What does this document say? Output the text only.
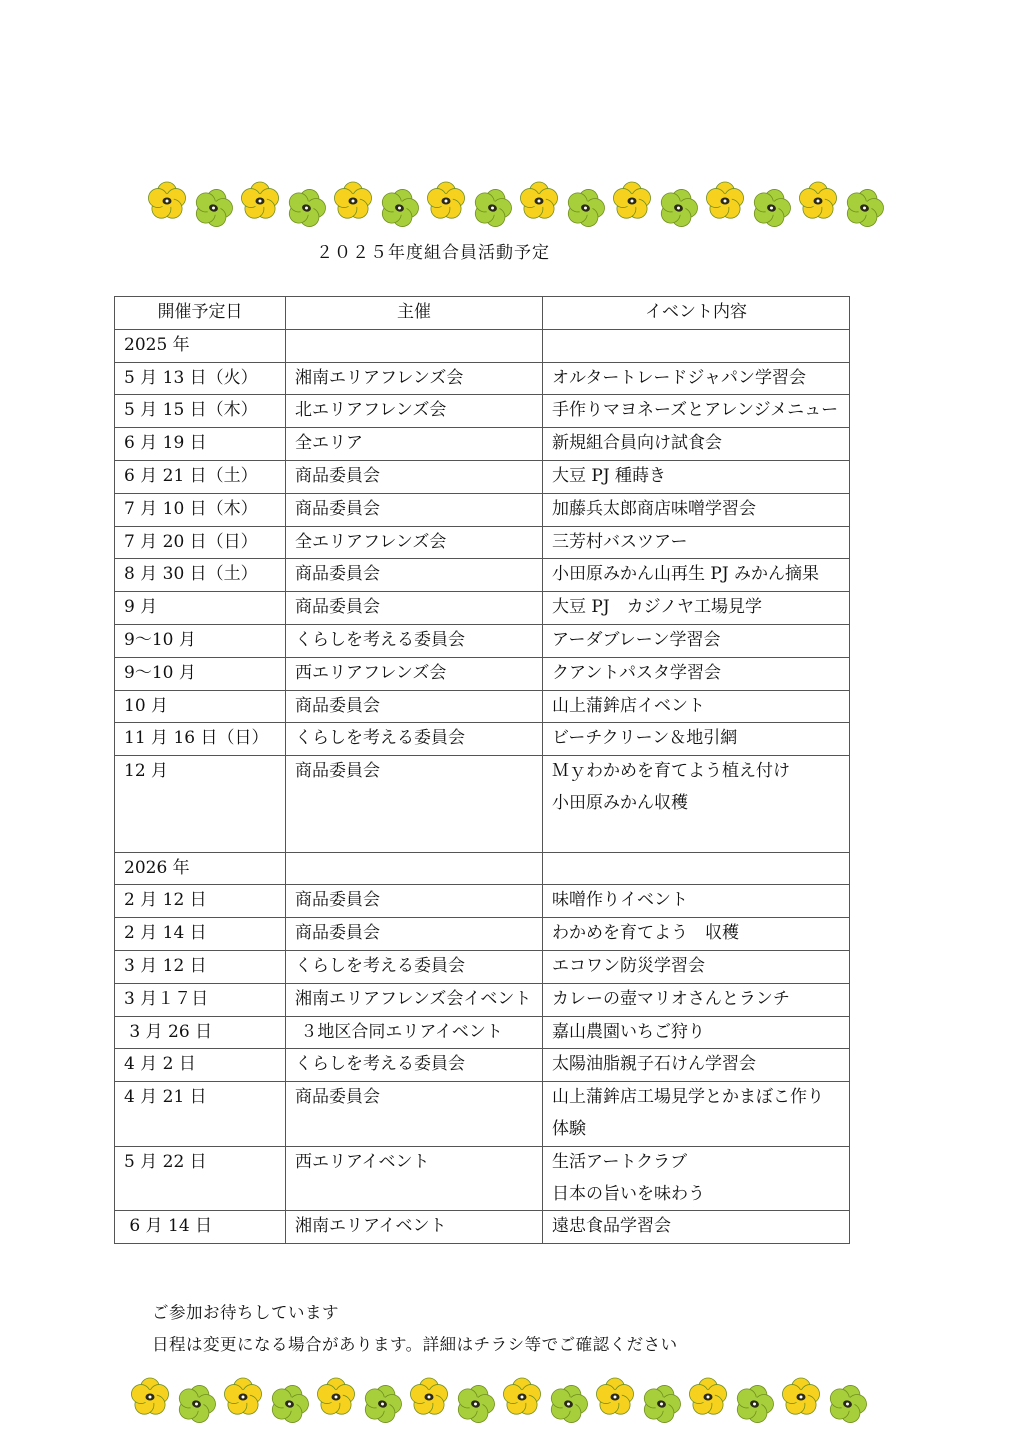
２０２５年度組合員活動予定
開催予定日	主催	イベント内容
2025 年		
5 月 13 日（火）	湘南エリアフレンズ会	オルタートレードジャパン学習会
5 月 15 日（木）	北エリアフレンズ会	手作りマヨネーズとアレンジメニュー
6 月 19 日	全エリア	新規組合員向け試食会
6 月 21 日（土）	商品委員会	大豆 PJ 種蒔き
7 月 10 日（木）	商品委員会	加藤兵太郎商店味噌学習会
7 月 20 日（日）	全エリアフレンズ会	三芳村バスツアー
8 月 30 日（土）	商品委員会	小田原みかん山再生 PJ みかん摘果
9 月	商品委員会	大豆 PJ　カジノヤ工場見学
9～10 月	くらしを考える委員会	アーダブレーン学習会
9～10 月	西エリアフレンズ会	クアントパスタ学習会
10 月	商品委員会	山上蒲鉾店イベント
11 月 16 日（日）	くらしを考える委員会	ビーチクリーン＆地引網
12 月	商品委員会	Ｍｙわかめを育てよう植え付け
小田原みかん収穫

2026 年		
2 月 12 日	商品委員会	味噌作りイベント
2 月 14 日	商品委員会	わかめを育てよう　収穫
3 月 12 日	くらしを考える委員会	エコワン防災学習会
3 月１７日	湘南エリアフレンズ会イベント	カレーの壺マリオさんとランチ
3 月 26 日	３地区合同エリアイベント	嘉山農園いちご狩り
4 月 2 日	くらしを考える委員会	太陽油脂親子石けん学習会
4 月 21 日	商品委員会	山上蒲鉾店工場見学とかまぼこ作り体験
5 月 22 日	西エリアイベント	生活アートクラブ
日本の旨いを味わう
6 月 14 日	湘南エリアイベント	遠忠食品学習会
ご参加お待ちしています
日程は変更になる場合があります。詳細はチラシ等でご確認ください
